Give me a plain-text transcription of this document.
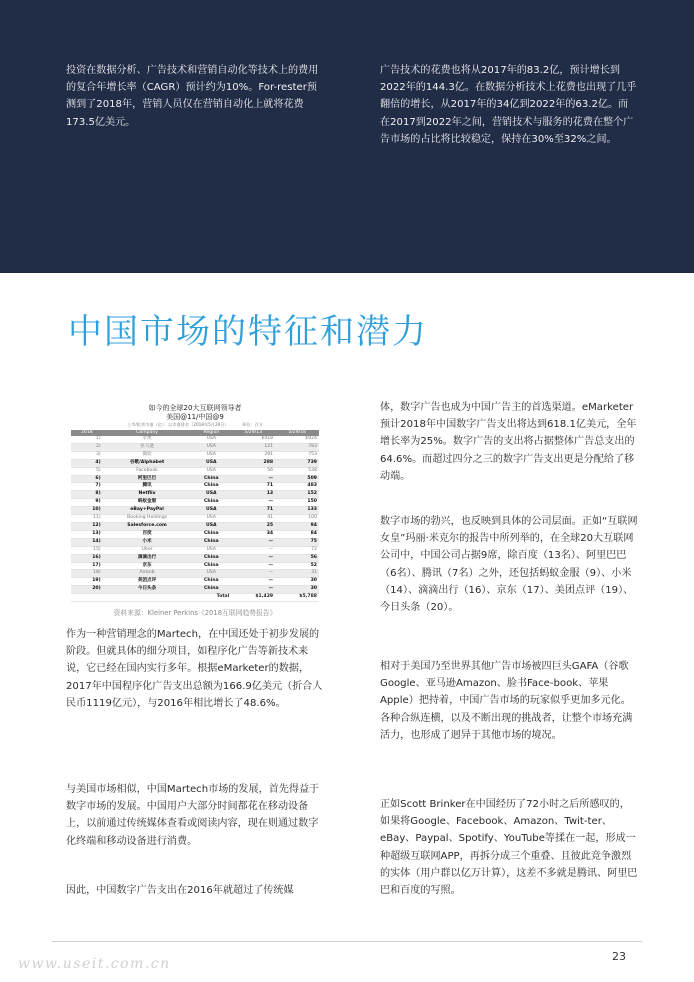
投资在数据分析、广告技术和营销自动化等技术上的费用的复合年增长率（CAGR）预计约为10%。For-rester预测到了2018年，营销人员仅在营销自动化上就将花费173.5亿美元。

广告技术的花费也将从2017年的83.2亿，预计增长到2022年的144.3亿。在数据分析技术上花费也出现了几乎翻倍的增长，从2017年的34亿到2022年的63.2亿。而在2017到2022年之间，营销技术与服务的花费在整个广告市场的占比将比较稳定，保持在30%至32%之间。

中国市场的特征和潜力
如今的全球20大互联网领导者
美国@11/中国@9
上市/私营市值（亿）：以市值排名（2018年5月29日）	单位：百万
2018	Company	Region	5/29/13	5/29/18
1)	苹果	USA	$418	$924
2)	亚马逊	USA	121	783
3)	微软	USA	291	753
4)	谷歌/Alphabet	USA	288	739
5)	Facebook	USA	56	538
6)	阿里巴巴	China	—	509
7)	腾讯	China	71	483
8)	Netflix	USA	13	152
9)	蚂蚁金服	China	—	150
10)	eBay+PayPal	USA	71	133
11)	Booking Holdings	USA	41	100
12)	Salesforce.com	USA	25	94
13)	百度	China	34	84
14)	小米	China	—	75
15)	Uber	USA	—	72
16)	滴滴出行	China	—	56
17)	京东	China	—	52
18)	Airbnb	USA	—	31
19)	美团点评	China	—	30
20)	今日头条	China	—	30
		Total	$1,429	$5,788
资料来源：Kleiner Perkins《2018互联网趋势报告》

作为一种营销理念的Martech，在中国还处于初步发展的阶段。但就具体的细分项目，如程序化广告等新技术来说，它已经在国内实行多年。根据eMarketer的数据，2017年中国程序化广告支出总额为166.9亿美元（折合人民币1119亿元），与2016年相比增长了48.6%。

与美国市场相似，中国Martech市场的发展，首先得益于数字市场的发展。中国用户大部分时间都花在移动设备上，以前通过传统媒体查看或阅读内容，现在则通过数字化终端和移动设备进行消费。

因此，中国数字广告支出在2016年就超过了传统媒

体，数字广告也成为中国广告主的首选渠道。eMarketer预计2018年中国数字广告支出将达到618.1亿美元，全年增长率为25%。数字广告的支出将占据整体广告总支出的64.6%。而超过四分之三的数字广告支出更是分配给了移动端。

数字市场的勃兴，也反映到具体的公司层面。正如“互联网女皇”玛丽·米克尔的报告中所列举的，在全球20大互联网公司中，中国公司占据9席，除百度（13名）、阿里巴巴（6名）、腾讯（7名）之外，还包括蚂蚁金服（9）、小米（14）、滴滴出行（16）、京东（17）、美团点评（19）、今日头条（20）。

相对于美国乃至世界其他广告市场被四巨头GAFA（谷歌Google、亚马逊Amazon、脸书Face-book、苹果Apple）把持着，中国广告市场的玩家似乎更加多元化。各种合纵连横，以及不断出现的挑战者，让整个市场充满活力，也形成了迥异于其他市场的境况。

正如Scott Brinker在中国经历了72小时之后所感叹的，如果将Google、Facebook、Amazon、Twit-ter、eBay、Paypal、Spotify、YouTube等揉在一起，形成一种超级互联网APP，再拆分成三个重叠、且彼此竞争激烈的实体（用户群以亿万计算），这差不多就是腾讯、阿里巴巴和百度的写照。

www.useit.com.cn	23
